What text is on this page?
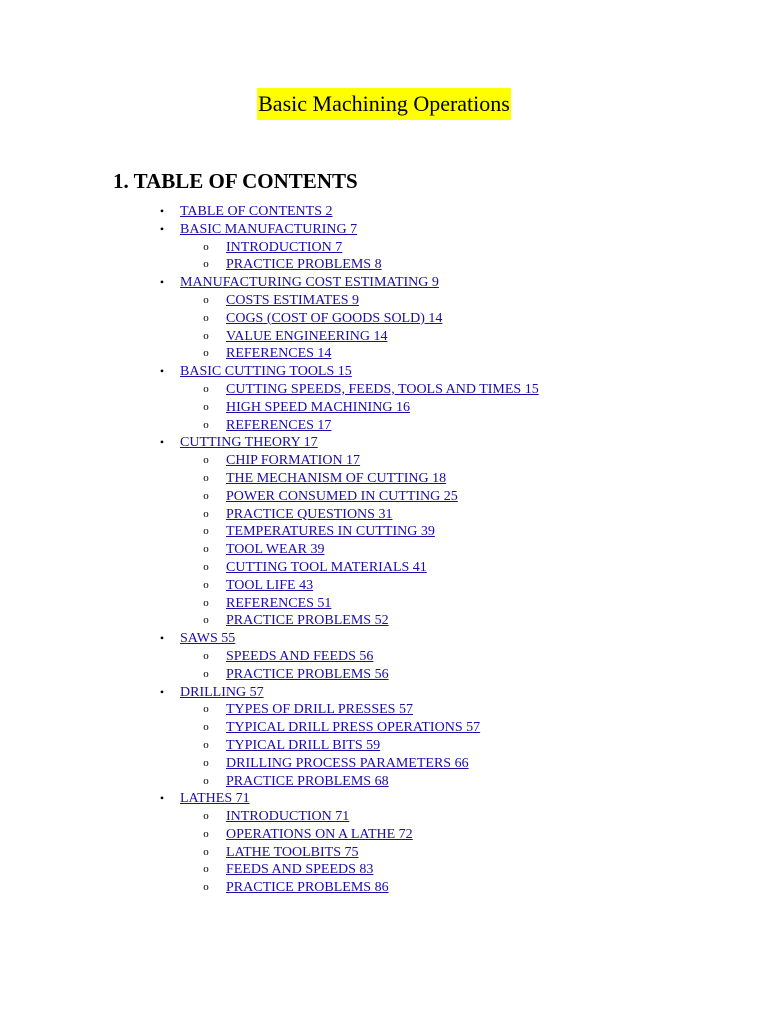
Basic Machining Operations
1. TABLE OF CONTENTS
• TABLE OF CONTENTS 2
• BASIC MANUFACTURING 7
o INTRODUCTION 7
o PRACTICE PROBLEMS 8
• MANUFACTURING COST ESTIMATING 9
o COSTS ESTIMATES 9
o COGS (COST OF GOODS SOLD) 14
o VALUE ENGINEERING 14
o REFERENCES 14
• BASIC CUTTING TOOLS 15
o CUTTING SPEEDS, FEEDS, TOOLS AND TIMES 15
o HIGH SPEED MACHINING 16
o REFERENCES 17
• CUTTING THEORY 17
o CHIP FORMATION 17
o THE MECHANISM OF CUTTING 18
o POWER CONSUMED IN CUTTING 25
o PRACTICE QUESTIONS 31
o TEMPERATURES IN CUTTING 39
o TOOL WEAR 39
o CUTTING TOOL MATERIALS 41
o TOOL LIFE 43
o REFERENCES 51
o PRACTICE PROBLEMS 52
• SAWS 55
o SPEEDS AND FEEDS 56
o PRACTICE PROBLEMS 56
• DRILLING 57
o TYPES OF DRILL PRESSES 57
o TYPICAL DRILL PRESS OPERATIONS 57
o TYPICAL DRILL BITS 59
o DRILLING PROCESS PARAMETERS 66
o PRACTICE PROBLEMS 68
• LATHES 71
o INTRODUCTION 71
o OPERATIONS ON A LATHE 72
o LATHE TOOLBITS 75
o FEEDS AND SPEEDS 83
o PRACTICE PROBLEMS 86
